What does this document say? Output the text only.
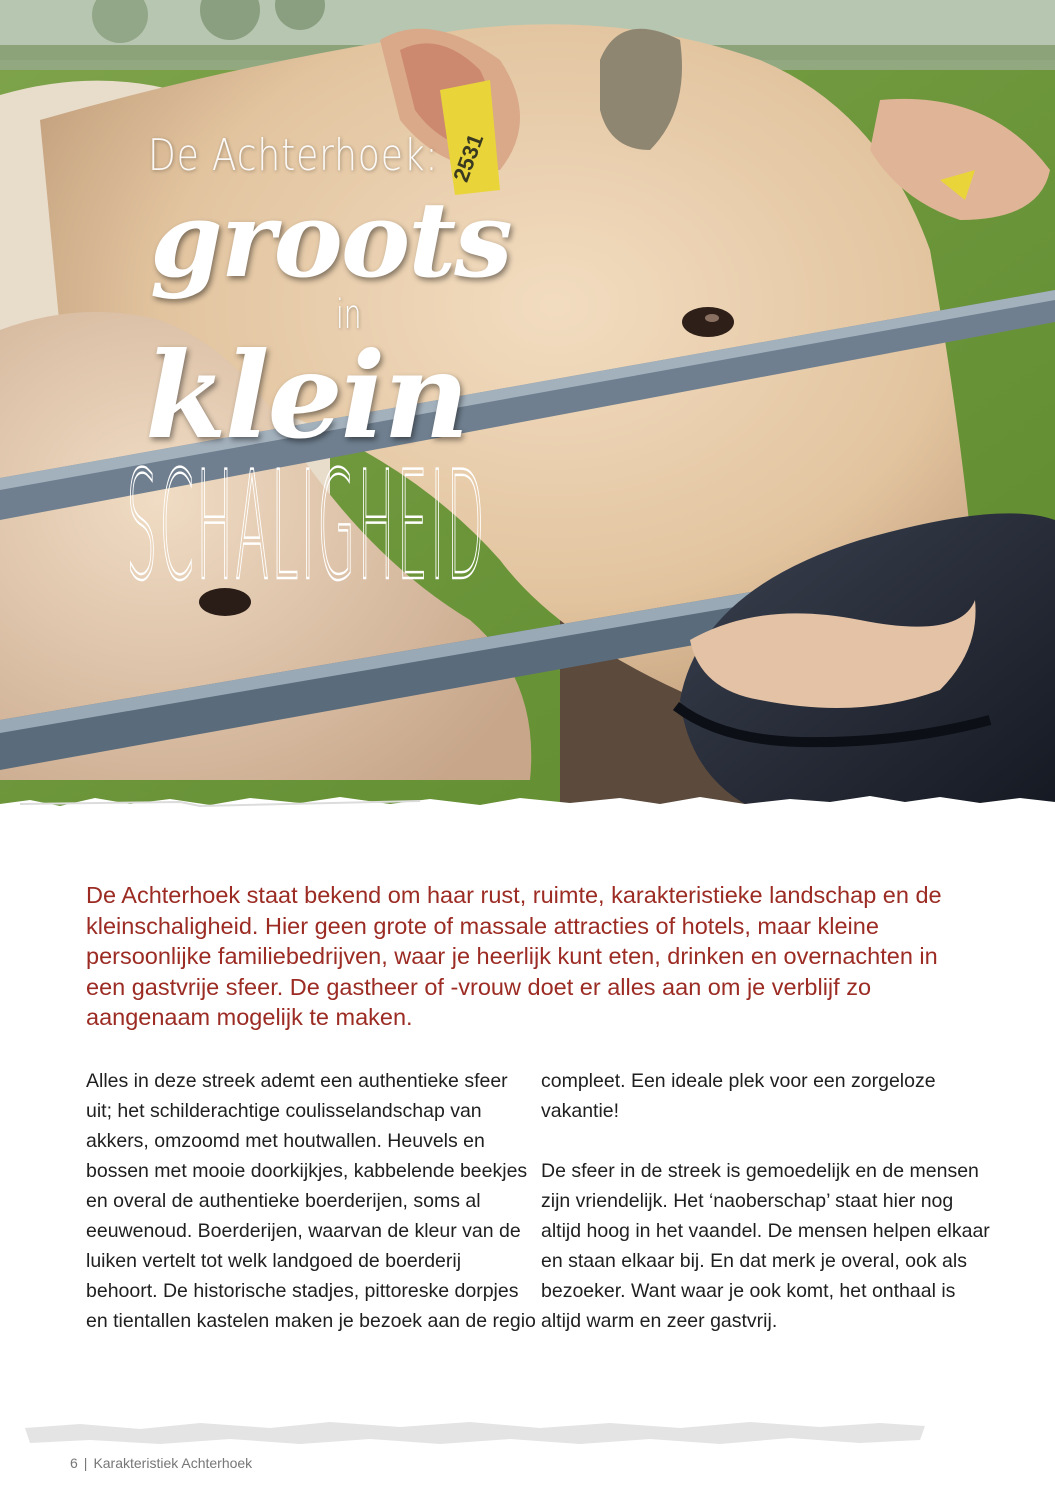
2531
De Achterhoek:
groots
in
klein
SCHALIGHEID
De Achterhoek staat bekend om haar rust, ruimte, karakteristieke landschap en de kleinschaligheid. Hier geen grote of massale attracties of hotels, maar kleine persoonlijke familiebedrijven, waar je heerlijk kunt eten, drinken en overnachten in een gastvrije sfeer. De gastheer of -vrouw doet er alles aan om je verblijf zo aangenaam mogelijk te maken.

Alles in deze streek ademt een authentieke sfeer uit; het schilderachtige coulisselandschap van akkers, omzoomd met houtwallen. Heuvels en bossen met mooie doorkijkjes, kabbelende beekjes en overal de authentieke boerderijen, soms al eeuwenoud. Boerderijen, waarvan de kleur van de luiken vertelt tot welk landgoed de boerderij behoort. De historische stadjes, pittoreske dorpjes en tientallen kastelen maken je bezoek aan de regio

compleet. Een ideale plek voor een zorgeloze vakantie!

De sfeer in de streek is gemoedelijk en de mensen zijn vriendelijk. Het ‘naoberschap’ staat hier nog altijd hoog in het vaandel. De mensen helpen elkaar en staan elkaar bij. En dat merk je overal, ook als bezoeker. Want waar je ook komt, het onthaal is altijd warm en zeer gastvrij.

6 | Karakteristiek Achterhoek
